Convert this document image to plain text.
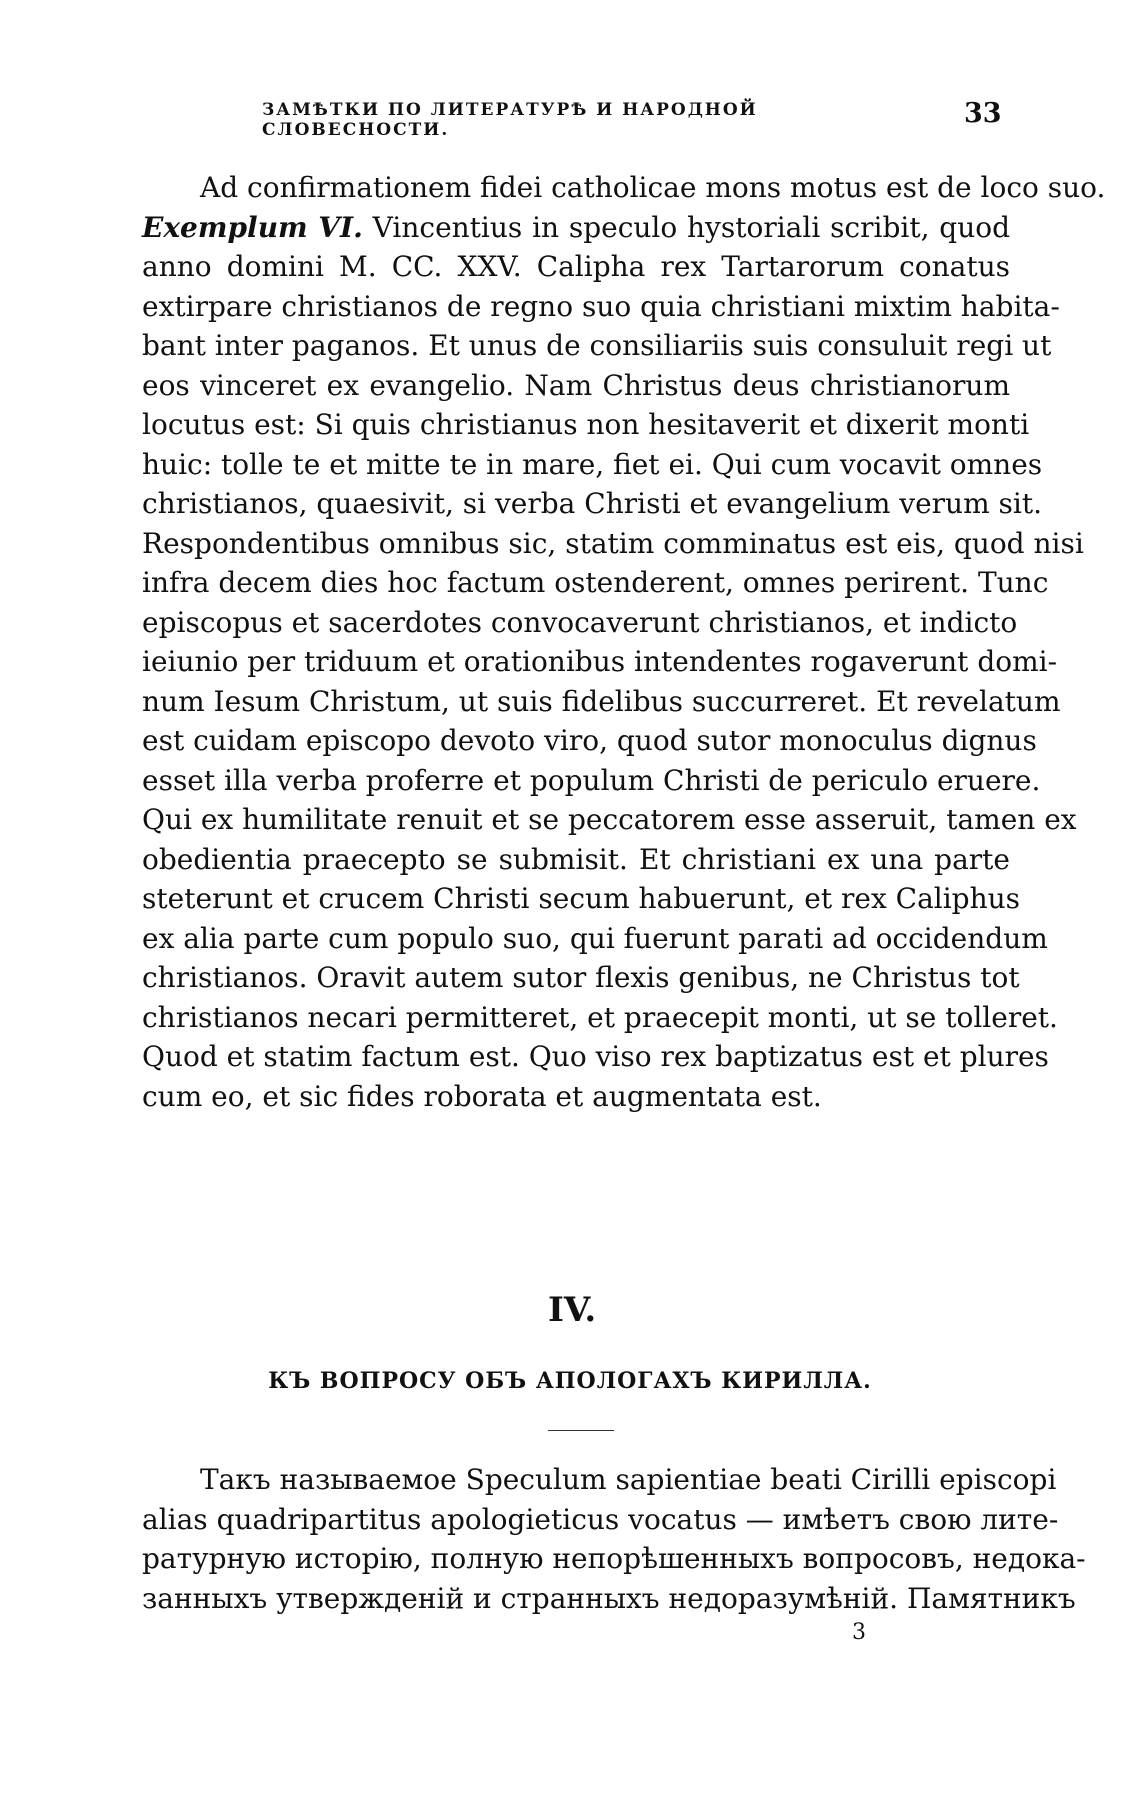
ЗАМѢТКИ ПО ЛИТЕРАТУРѢ И НАРОДНОЙ СЛОВЕСНОСТИ.
33
Ad confirmationem fidei catholicae mons motus est de loco suo.
Exemplum VI. Vincentius in speculo hystoriali scribit, quod
anno domini M. CC. XXV. Calipha rex Tartarorum conatus
extirpare christianos de regno suo quia christiani mixtim habita-
bant inter paganos. Et unus de consiliariis suis consuluit regi ut
eos vinceret ex evangelio. Nam Christus deus christianorum
locutus est: Si quis christianus non hesitaverit et dixerit monti
huic: tolle te et mitte te in mare, fiet ei. Qui cum vocavit omnes
christianos, quaesivit, si verba Christi et evangelium verum sit.
Respondentibus omnibus sic, statim comminatus est eis, quod nisi
infra decem dies hoc factum ostenderent, omnes perirent. Tunc
episcopus et sacerdotes convocaverunt christianos, et indicto
ieiunio per triduum et orationibus intendentes rogaverunt domi-
num Iesum Christum, ut suis fidelibus succurreret. Et revelatum
est cuidam episcopo devoto viro, quod sutor monoculus dignus
esset illa verba proferre et populum Christi de periculo eruere.
Qui ex humilitate renuit et se peccatorem esse asseruit, tamen ex
obedientia praecepto se submisit. Et christiani ex una parte
steterunt et crucem Christi secum habuerunt, et rex Caliphus
ex alia parte cum populo suo, qui fuerunt parati ad occidendum
christianos. Oravit autem sutor flexis genibus, ne Christus tot
christianos necari permitteret, et praecepit monti, ut se tolleret.
Quod et statim factum est. Quo viso rex baptizatus est et plures
cum eo, et sic fides roborata et augmentata est.
IV.
КЪ ВОПРОСУ ОБЪ АПОЛОГАХЪ КИРИЛЛА.
Такъ называемое Speculum sapientiae beati Cirilli episcopi
alias quadripartitus apologieticus vocatus — имѣетъ свою лите-
ратурную исторію, полную непорѣшенныхъ вопросовъ, недока-
занныхъ утвержденій и странныхъ недоразумѣній. Памятникъ
3
